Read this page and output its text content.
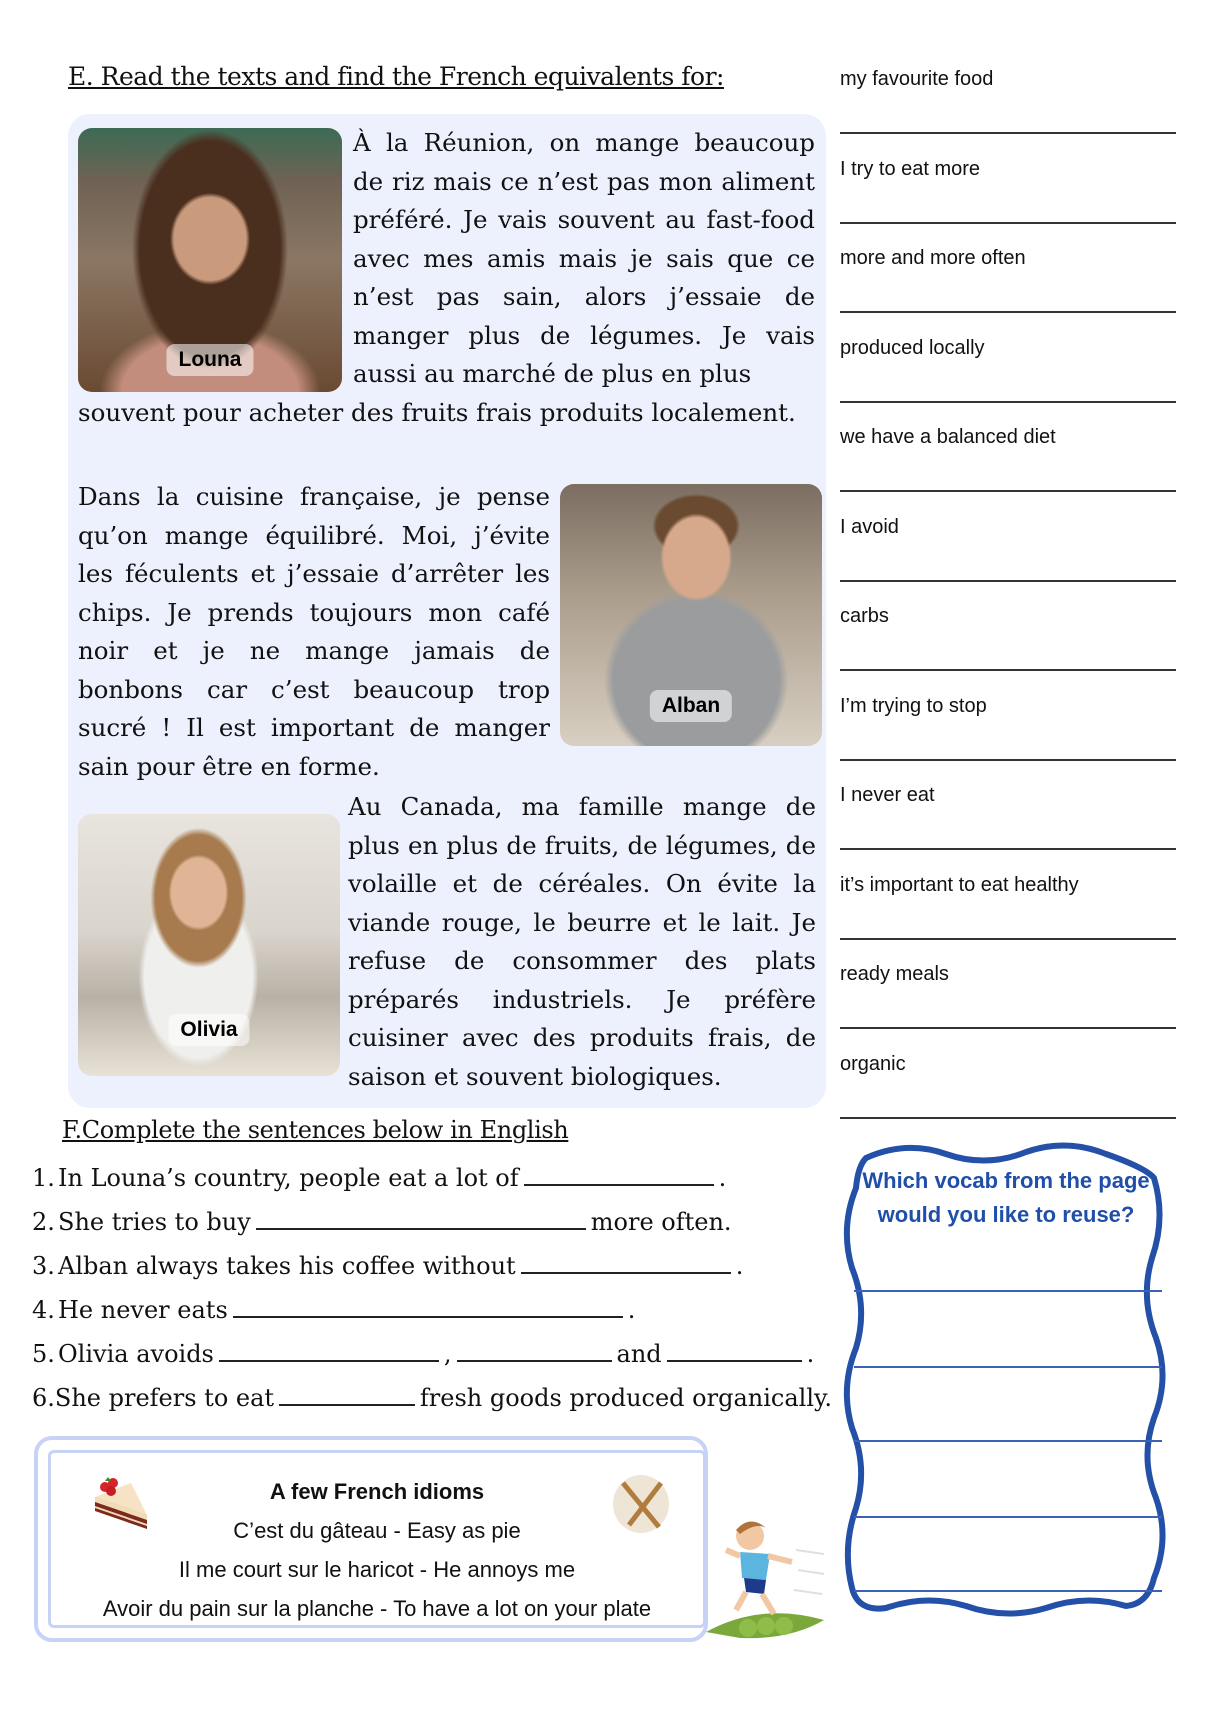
E. Read the texts and find the French equivalents for:
Louna

À la Réunion, on mange beaucoup de riz mais ce n’est pas mon aliment préféré. Je vais souvent au fast-food avec mes amis mais je sais que ce n’est pas sain, alors j’essaie de manger plus de légumes. Je vais aussi au marché de plus en plus

souvent pour acheter des fruits frais produits localement.

Dans la cuisine française, je pense qu’on mange équilibré. Moi, j’évite les féculents et j’essaie d’arrêter les chips. Je prends toujours mon café noir et je ne mange jamais de bonbons car c’est beaucoup trop sucré ! Il est important de manger sain pour être en forme.

Alban
Olivia

Au Canada, ma famille mange de plus en plus de fruits, de légumes, de volaille et de céréales. On évite la viande rouge, le beurre et le lait. Je refuse de consommer des plats préparés industriels. Je préfère cuisiner avec des produits frais, de saison et souvent biologiques.

my favourite food
I try to eat more
more and more often
produced locally
we have a balanced diet
I avoid
carbs
I’m trying to stop
I never eat
it’s important to eat healthy
ready meals
organic
F.Complete the sentences below in English
1. In Louna’s country, people eat a lot of	.
2. She tries to buy	more often.
3. Alban always takes his coffee without	.
4. He never eats	.
5. Olivia avoids	,	and	.
6. She prefers to eat	fresh goods produced organically.
A few French idioms
C’est du gâteau - Easy as pie
Il me court sur le haricot - He annoys me
Avoir du pain sur la planche - To have a lot on your plate
Which vocab from the page would you like to reuse?
